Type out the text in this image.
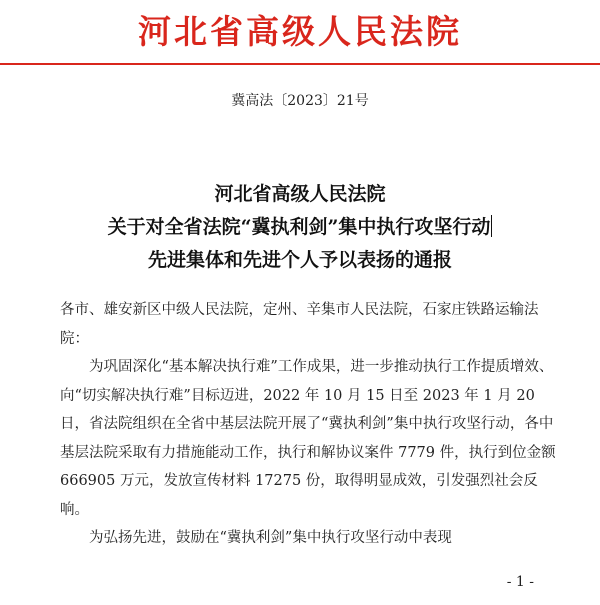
河北省高级人民法院
冀高法〔2023〕21号
河北省高级人民法院
关于对全省法院“冀执利剑”集中执行攻坚行动
先进集体和先进个人予以表扬的通报

各市、雄安新区中级人民法院，定州、辛集市人民法院，石家庄铁路运输法院：

为巩固深化“基本解决执行难”工作成果，进一步推动执行工作提质增效、向“切实解决执行难”目标迈进，2022 年 10 月 15 日至 2023 年 1 月 20 日，省法院组织在全省中基层法院开展了“冀执利剑”集中执行攻坚行动，各中基层法院采取有力措施能动工作，执行和解协议案件 7779 件，执行到位金额 666905 万元，发放宣传材料 17275 份，取得明显成效，引发强烈社会反响。

为弘扬先进，鼓励在“冀执利剑”集中执行攻坚行动中表现

- 1 -
